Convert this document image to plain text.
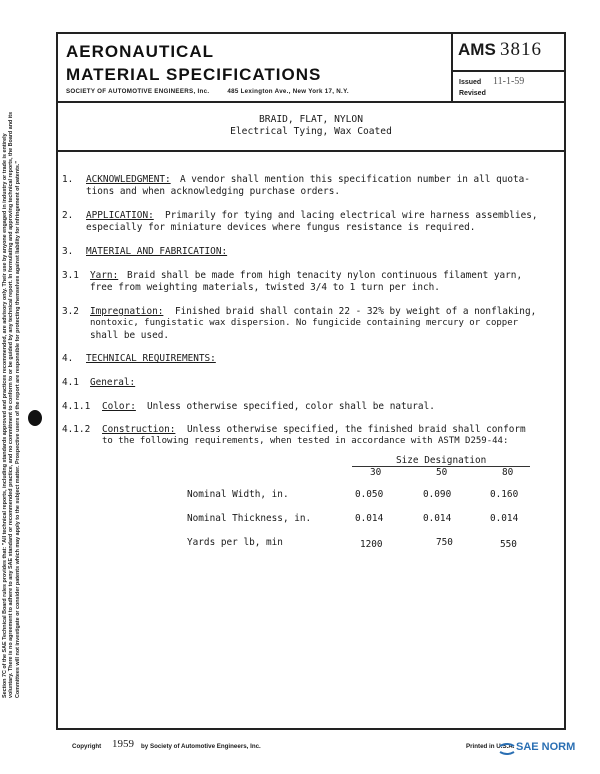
AERONAUTICAL
MATERIAL SPECIFICATIONS
SOCIETY OF AUTOMOTIVE ENGINEERS, Inc.	485 Lexington Ave., New York 17, N.Y.
AMS 3816
Issued 11-1-59
Revised
BRAID, FLAT, NYLON
Electrical Tying, Wax Coated
1. ACKNOWLEDGMENT: A vendor shall mention this specification number in all quota-
tions and when acknowledging purchase orders.
2. APPLICATION: Primarily for tying and lacing electrical wire harness assemblies,
especially for miniature devices where fungus resistance is required.
3. MATERIAL AND FABRICATION:
3.1 Yarn: Braid shall be made from high tenacity nylon continuous filament yarn,
free from weighting materials, twisted 3/4 to 1 turn per inch.
3.2 Impregnation: Finished braid shall contain 22 - 32% by weight of a nonflaking,
nontoxic, fungistatic wax dispersion. No fungicide containing mercury or copper
shall be used.
4. TECHNICAL REQUIREMENTS:
4.1 General:
4.1.1 Color: Unless otherwise specified, color shall be natural.
4.1.2 Construction: Unless otherwise specified, the finished braid shall conform
to the following requirements, when tested in accordance with ASTM D259-44:
Size Designation
30	50	80
Nominal Width, in.	0.050	0.090	0.160
Nominal Thickness, in.	0.014	0.014	0.014
Yards per lb, min	1200	750	550
Section 7C of the SAE Technical Board rules provides that: "All technical reports, including standards approved and practices recommended, are advisory only. Their use by anyone engaged in industry or trade is entirely voluntary. There is no agreement to adhere to any SAE standard or recommended practice, and no commitment to conform to or be guided by any technical report. In formulating and approving technical reports, the Board and its Committees will not investigate or consider patents which may apply to the subject matter. Prospective users of the report are responsible for protecting themselves against liability for infringement of patents."
Copyright 1959 by Society of Automotive Engineers, Inc.	Printed in U.S.A. SAE NORM
